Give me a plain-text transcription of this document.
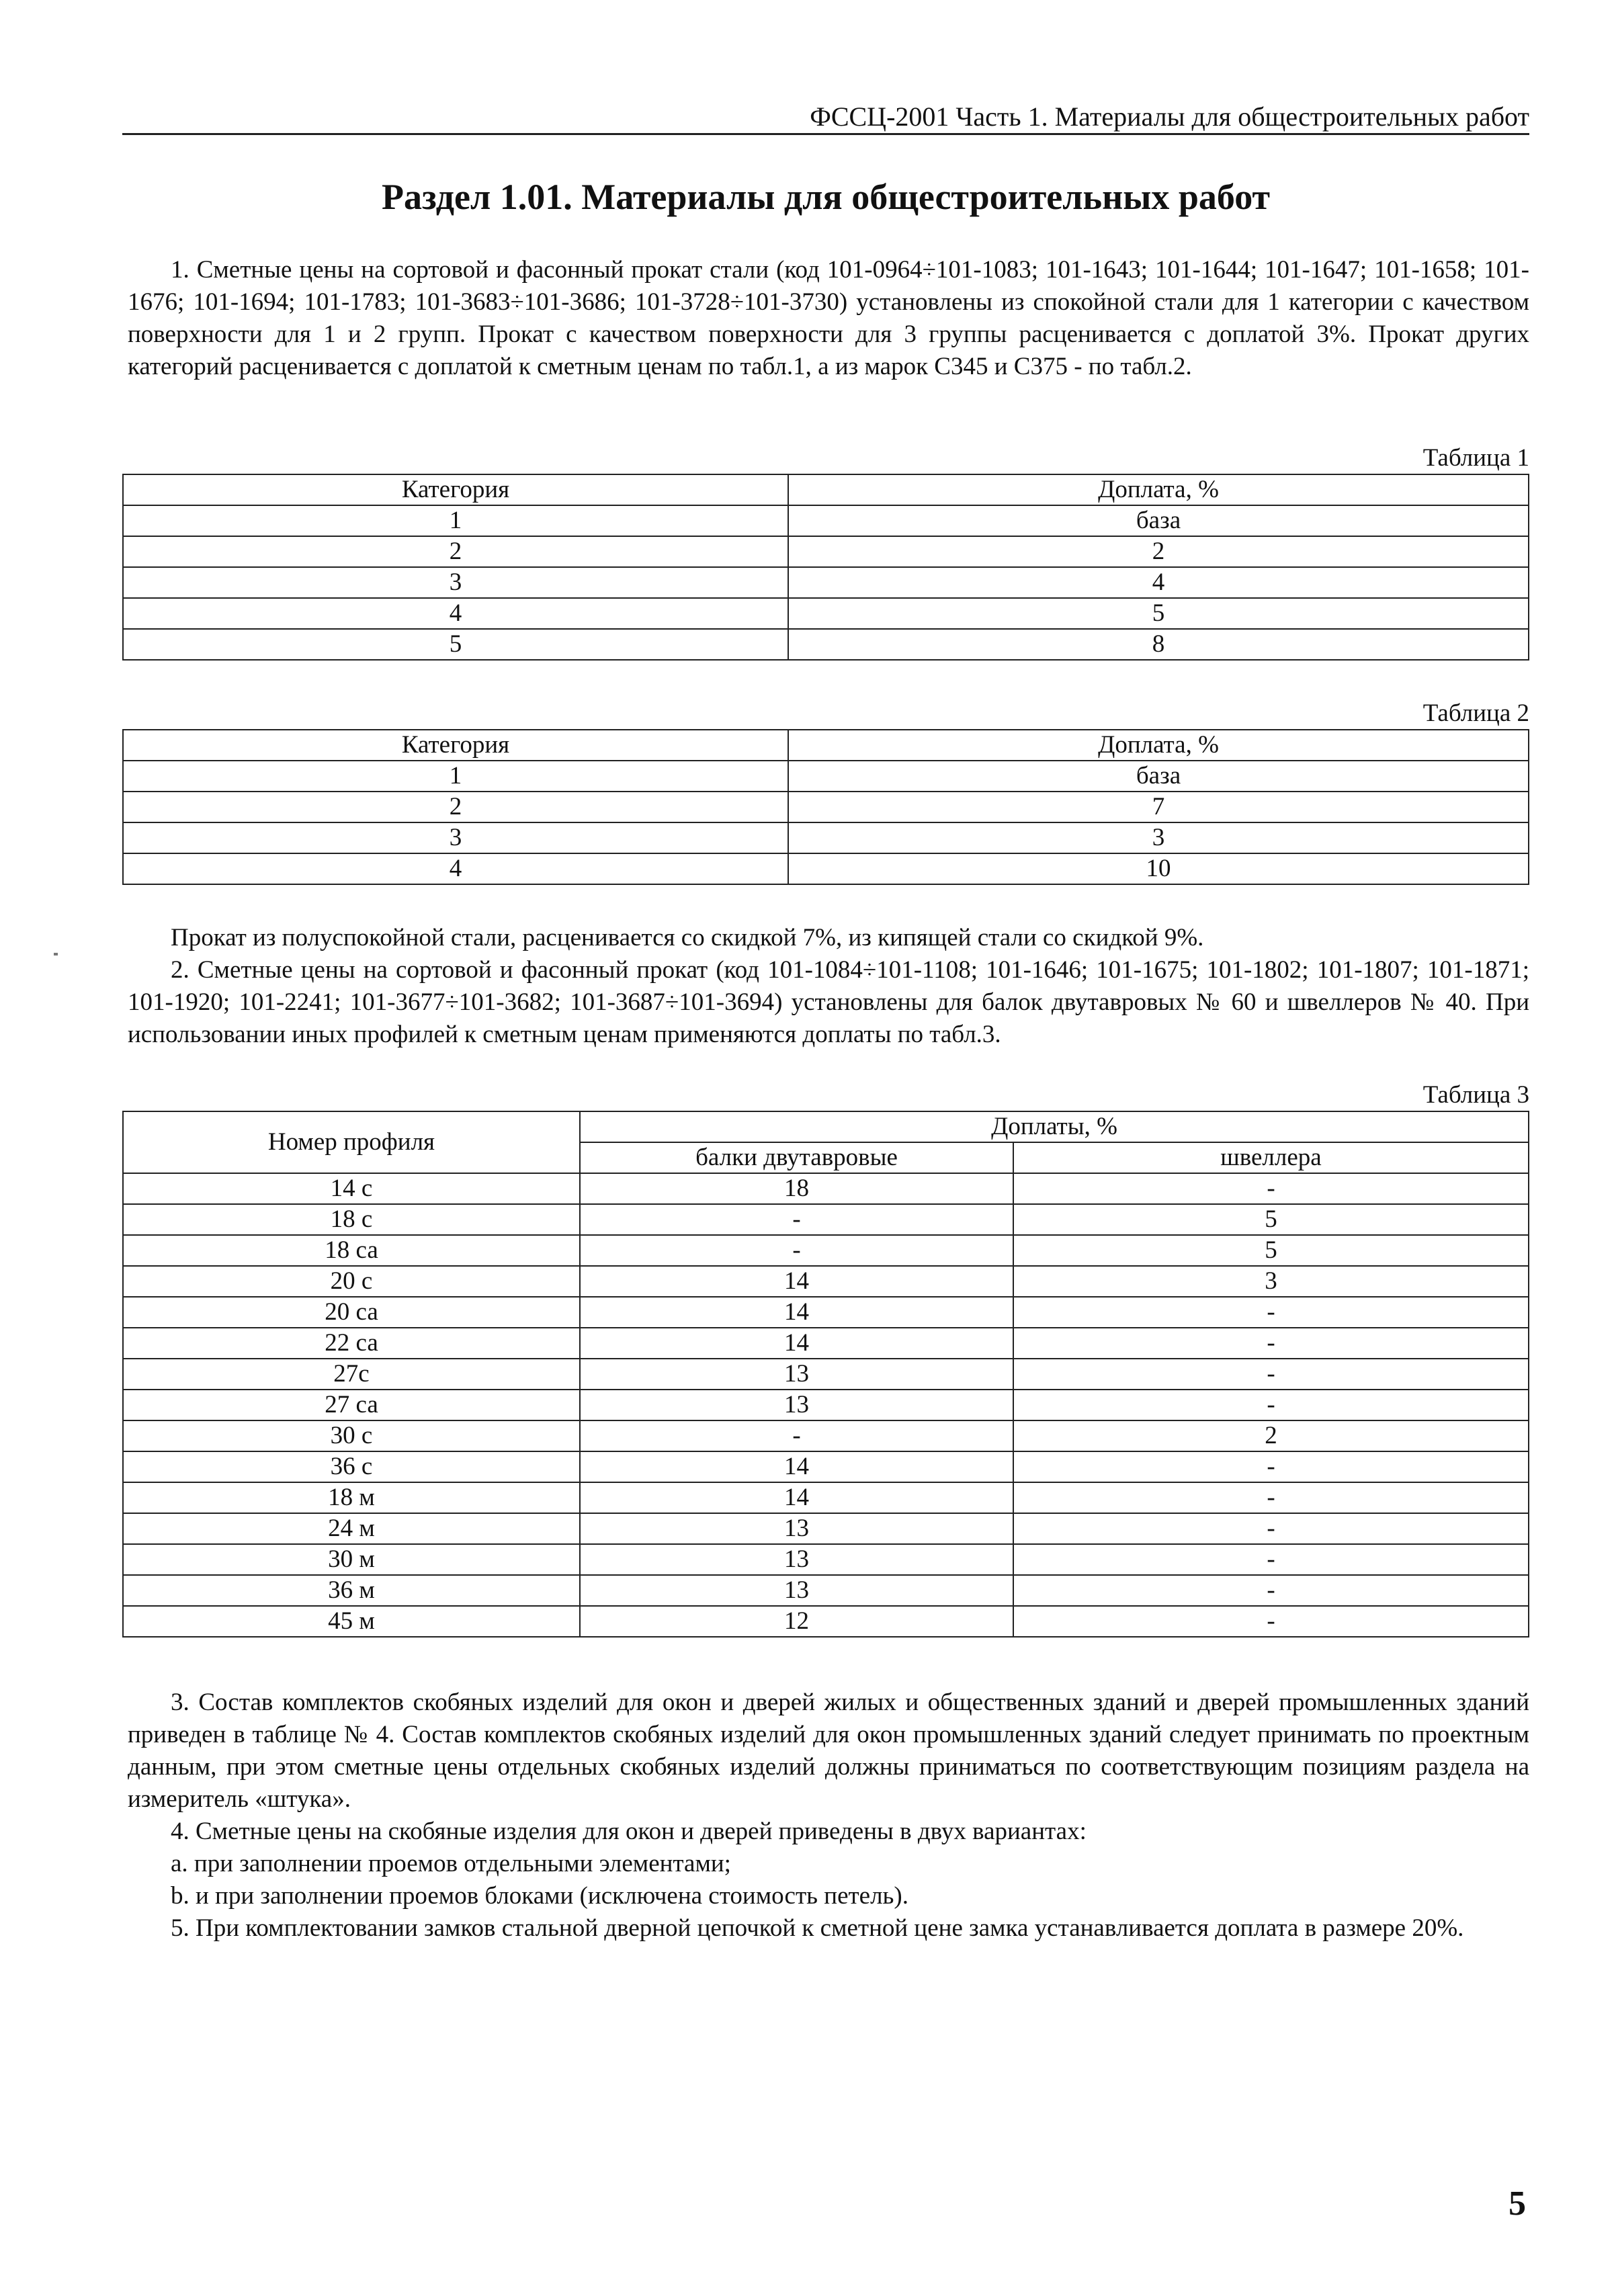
ФССЦ-2001 Часть 1. Материалы для общестроительных работ
Раздел 1.01. Материалы для общестроительных работ
1. Сметные цены на сортовой и фасонный прокат стали (код 101-0964÷101-1083; 101-1643; 101-1644; 101-1647; 101-1658; 101-1676; 101-1694; 101-1783; 101-3683÷101-3686; 101-3728÷101-3730) установлены из спокойной стали для 1 категории с качеством поверхности для 1 и 2 групп. Прокат с качеством поверхности для 3 группы расценивается с доплатой 3%. Прокат других категорий расценивается с доплатой к сметным ценам по табл.1, а из марок С345 и С375 - по табл.2.
Таблица 1
Категория	Доплата, %
1	база
2	2
3	4
4	5
5	8
Таблица 2
Категория	Доплата, %
1	база
2	7
3	3
4	10
Прокат из полуспокойной стали, расценивается со скидкой 7%, из кипящей стали со скидкой 9%.
2. Сметные цены на сортовой и фасонный прокат (код 101-1084÷101-1108; 101-1646; 101-1675; 101-1802; 101-1807; 101-1871; 101-1920; 101-2241; 101-3677÷101-3682; 101-3687÷101-3694) установлены для балок двутавровых № 60 и швеллеров № 40. При использовании иных профилей к сметным ценам применяются доплаты по табл.3.
Таблица 3
Номер профиля	Доплаты, %	
	балки двутавровые	швеллера
14 с	18	-
18 с	-	5
18 са	-	5
20 с	14	3
20 са	14	-
22 са	14	-
27с	13	-
27 са	13	-
30 с	-	2
36 с	14	-
18 м	14	-
24 м	13	-
30 м	13	-
36 м	13	-
45 м	12	-
3. Состав комплектов скобяных изделий для окон и дверей жилых и общественных зданий и дверей промышленных зданий приведен в таблице № 4. Состав комплектов скобяных изделий для окон промышленных зданий следует принимать по проектным данным, при этом сметные цены отдельных скобяных изделий должны приниматься по соответствующим позициям раздела на измеритель «штука».
4. Сметные цены на скобяные изделия для окон и дверей приведены в двух вариантах:
a. при заполнении проемов отдельными элементами;
b. и при заполнении проемов блоками (исключена стоимость петель).
5. При комплектовании замков стальной дверной цепочкой к сметной цене замка устанавливается доплата в размере 20%.
5
